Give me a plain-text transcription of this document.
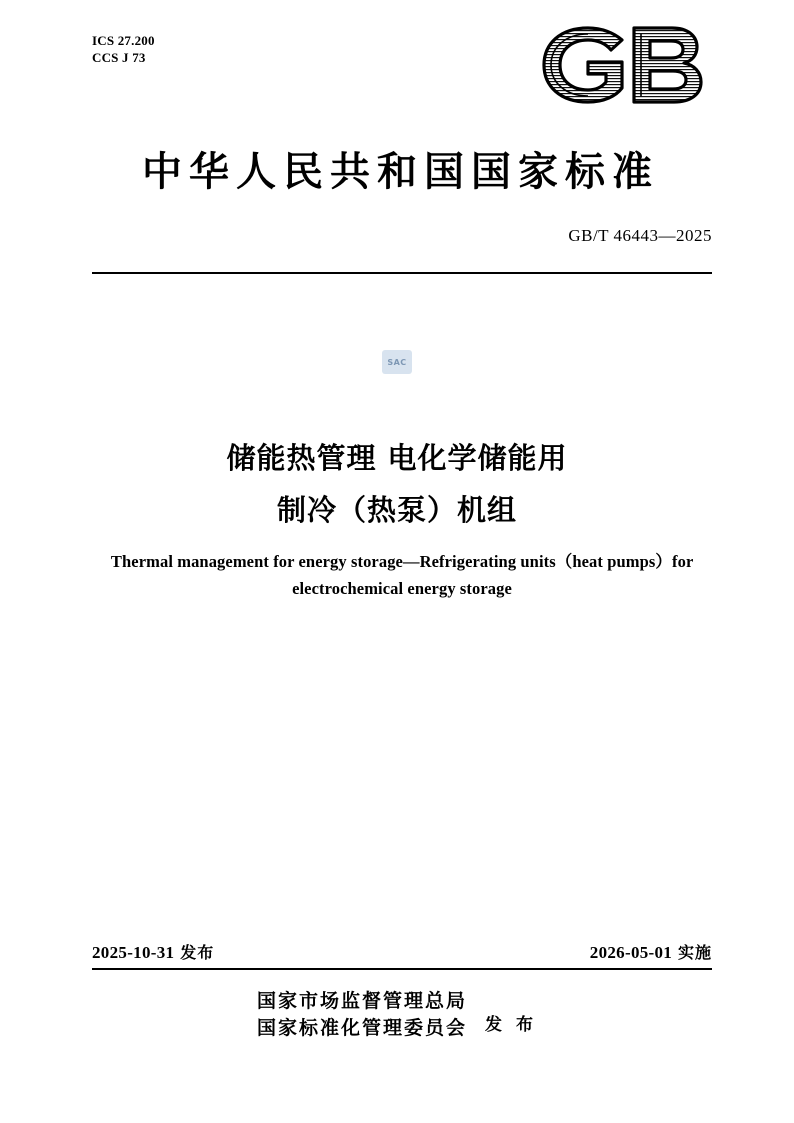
ICS 27.200
CCS J 73
中华人民共和国国家标准
GB/T 46443—2025
SAC
储能热管理 电化学储能用
制冷（热泵）机组
Thermal management for energy storage—Refrigerating units（heat pumps）for electrochemical energy storage
2025-10-31 发布	2026-05-01 实施
国家市场监督管理总局
国家标准化管理委员会 发 布
